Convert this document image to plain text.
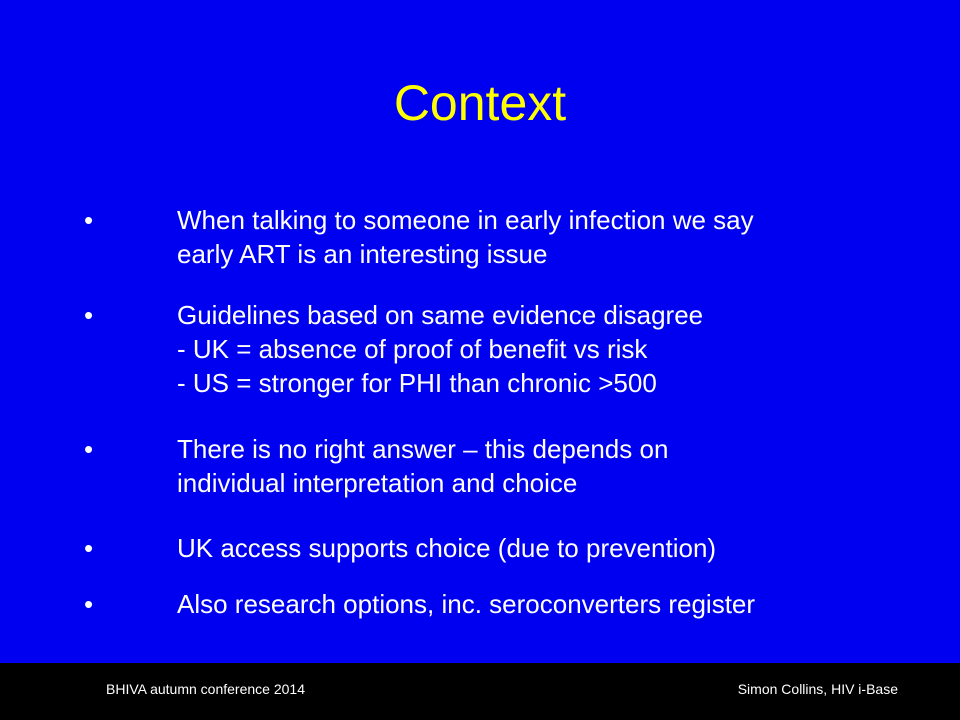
Context
•	When talking to someone in early infection we say
early ART is an interesting issue
•	Guidelines based on same evidence disagree
- UK = absence of proof of benefit vs risk
- US = stronger for PHI than chronic >500
•	There is no right answer – this depends on
individual interpretation and choice
•	UK access supports choice (due to prevention)
•	Also research options, inc. seroconverters register
BHIVA autumn conference 2014	Simon Collins, HIV i-Base
